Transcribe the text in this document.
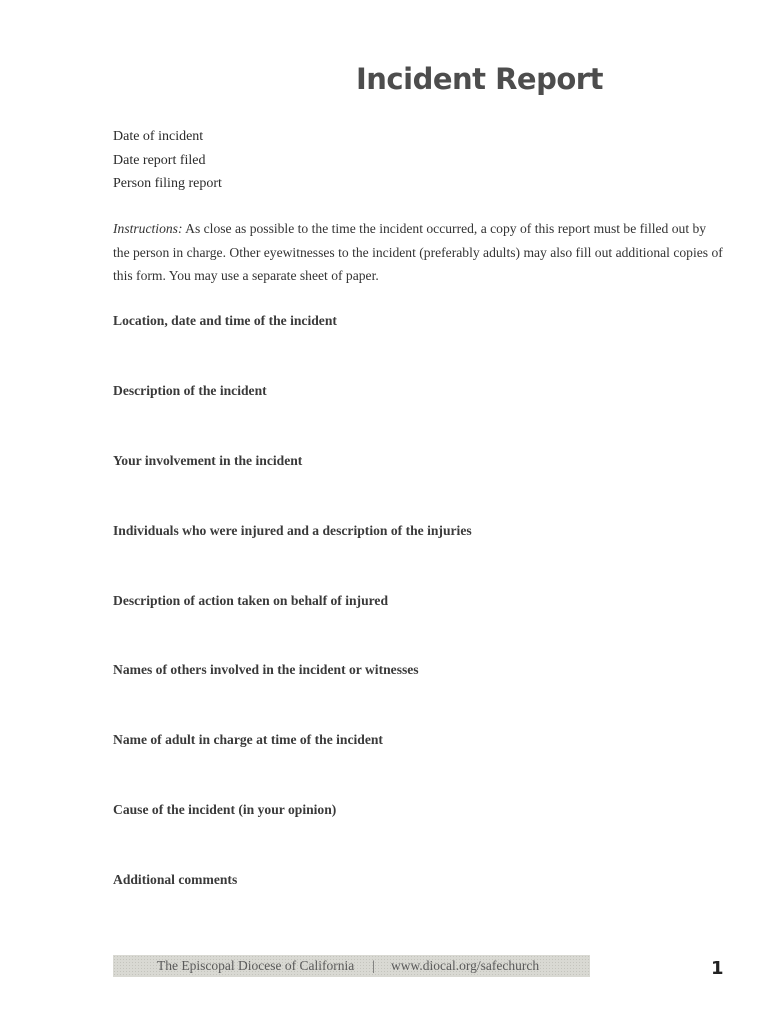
Incident Report
Date of incident
Date report filed
Person filing report
Instructions: As close as possible to the time the incident occurred, a copy of this report must be filled out by the person in charge. Other eyewitnesses to the incident (preferably adults) may also fill out additional copies of this form. You may use a separate sheet of paper.
Location, date and time of the incident
Description of the incident
Your involvement in the incident
Individuals who were injured and a description of the injuries
Description of action taken on behalf of injured
Names of others involved in the incident or witnesses
Name of adult in charge at time of the incident
Cause of the incident (in your opinion)
Additional comments
The Episcopal Diocese of California | www.diocal.org/safechurch	1
